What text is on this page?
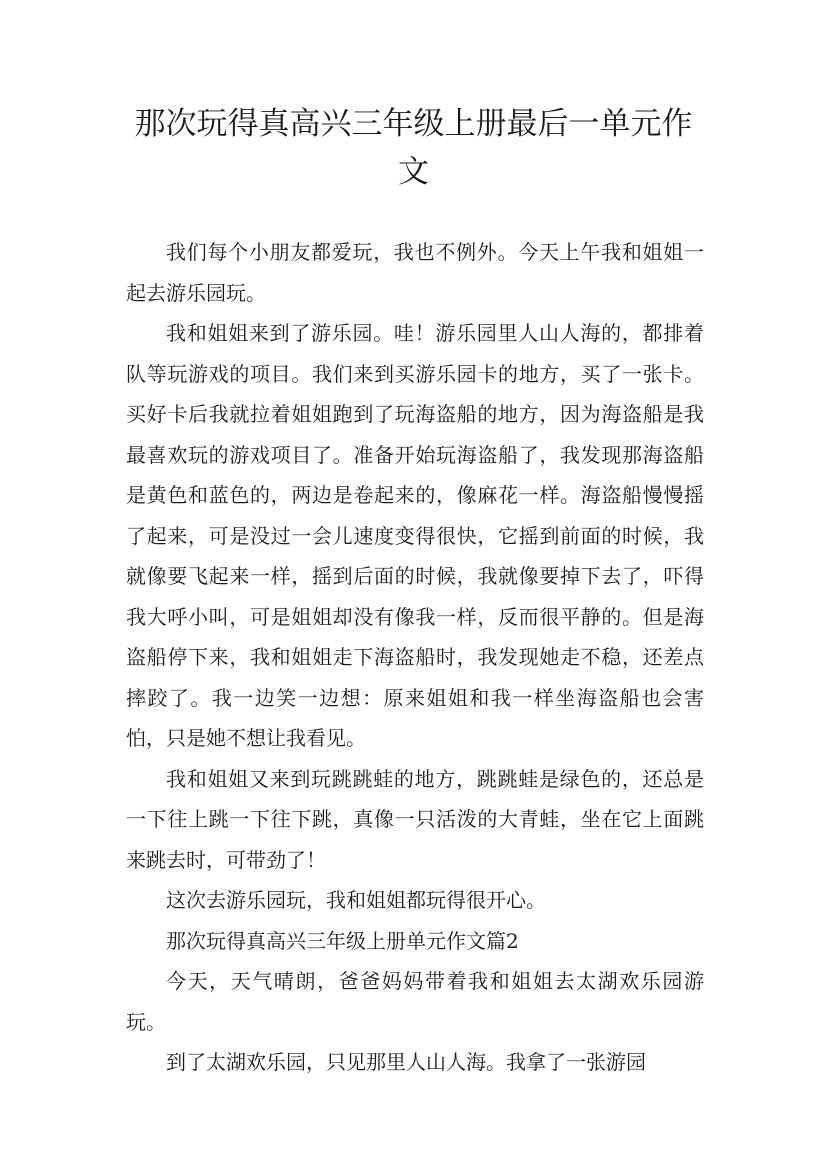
那次玩得真高兴三年级上册最后一单元作文

我们每个小朋友都爱玩，我也不例外。今天上午我和姐姐一起去游乐园玩。

我和姐姐来到了游乐园。哇！游乐园里人山人海的，都排着队等玩游戏的项目。我们来到买游乐园卡的地方，买了一张卡。买好卡后我就拉着姐姐跑到了玩海盗船的地方，因为海盗船是我最喜欢玩的游戏项目了。准备开始玩海盗船了，我发现那海盗船是黄色和蓝色的，两边是卷起来的，像麻花一样。海盗船慢慢摇了起来，可是没过一会儿速度变得很快，它摇到前面的时候，我就像要飞起来一样，摇到后面的时候，我就像要掉下去了，吓得我大呼小叫，可是姐姐却没有像我一样，反而很平静的。但是海盗船停下来，我和姐姐走下海盗船时，我发现她走不稳，还差点摔跤了。我一边笑一边想：原来姐姐和我一样坐海盗船也会害怕，只是她不想让我看见。

我和姐姐又来到玩跳跳蛙的地方，跳跳蛙是绿色的，还总是一下往上跳一下往下跳，真像一只活泼的大青蛙，坐在它上面跳来跳去时，可带劲了！

这次去游乐园玩，我和姐姐都玩得很开心。

那次玩得真高兴三年级上册单元作文篇2

今天，天气晴朗，爸爸妈妈带着我和姐姐去太湖欢乐园游玩。

到了太湖欢乐园，只见那里人山人海。我拿了一张游园
